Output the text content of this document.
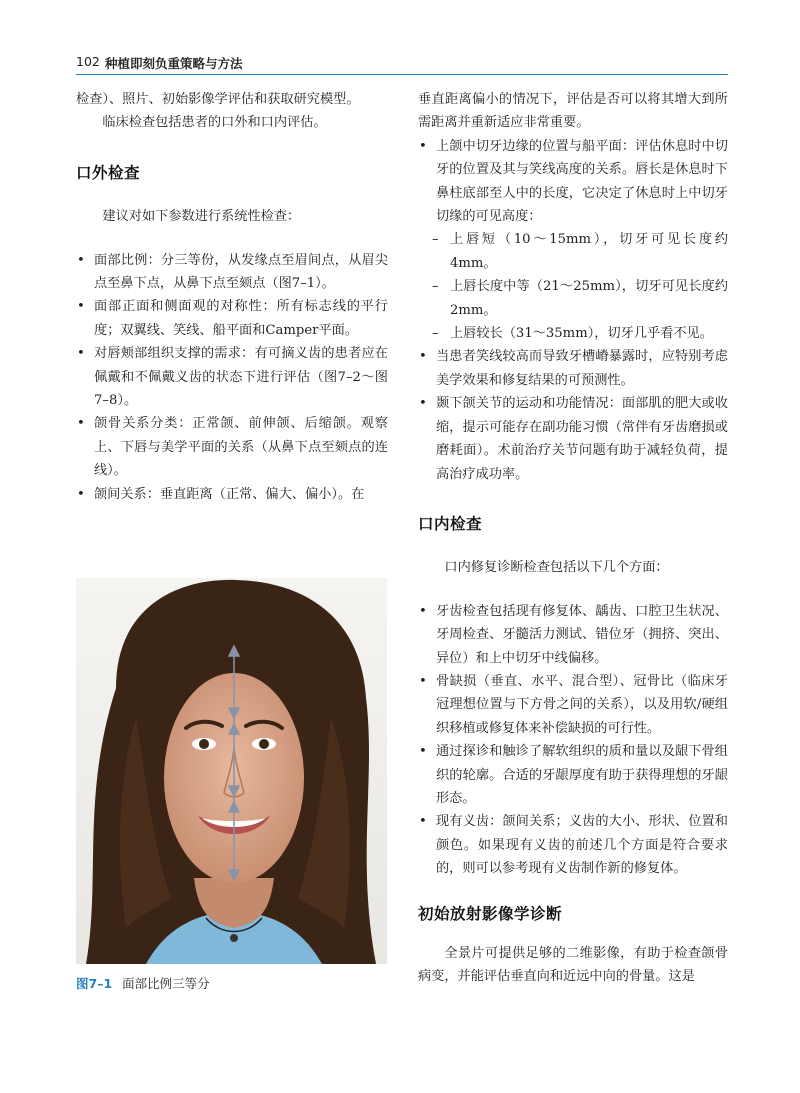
102 种植即刻负重策略与方法

检查）、照片、初始影像学评估和获取研究模型。

临床检查包括患者的口外和口内评估。

口外检查

建议对如下参数进行系统性检查：

• 面部比例：分三等份，从发缘点至眉间点，从眉尖点至鼻下点，从鼻下点至颏点（图7–1）。
• 面部正面和侧面观的对称性：所有标志线的平行度；双翼线、笑线、船平面和Camper平面。
• 对唇颊部组织支撑的需求：有可摘义齿的患者应在佩戴和不佩戴义齿的状态下进行评估（图7–2～图7–8）。
• 颌骨关系分类：正常颌、前伸颌、后缩颌。观察上、下唇与美学平面的关系（从鼻下点至颏点的连线）。
• 颌间关系：垂直距离（正常、偏大、偏小）。在
图7–1 面部比例三等分

垂直距离偏小的情况下，评估是否可以将其增大到所需距离并重新适应非常重要。

• 上颌中切牙边缘的位置与船平面：评估休息时中切牙的位置及其与笑线高度的关系。唇长是休息时下鼻柱底部至人中的长度，它决定了休息时上中切牙切缘的可见高度：
– 上唇短（10～15mm），切牙可见长度约4mm。
– 上唇长度中等（21～25mm），切牙可见长度约2mm。
– 上唇较长（31～35mm），切牙几乎看不见。
• 当患者笑线较高而导致牙槽嵴暴露时，应特别考虑美学效果和修复结果的可预测性。
• 颞下颌关节的运动和功能情况：面部肌的肥大或收缩，提示可能存在副功能习惯（常伴有牙齿磨损或磨耗面）。术前治疗关节问题有助于减轻负荷，提高治疗成功率。
口内检查

口内修复诊断检查包括以下几个方面：

• 牙齿检查包括现有修复体、龋齿、口腔卫生状况、牙周检查、牙髓活力测试、错位牙（拥挤、突出、异位）和上中切牙中线偏移。
• 骨缺损（垂直、水平、混合型）、冠骨比（临床牙冠理想位置与下方骨之间的关系），以及用软/硬组织移植或修复体来补偿缺损的可行性。
• 通过探诊和触诊了解软组织的质和量以及龈下骨组织的轮廓。合适的牙龈厚度有助于获得理想的牙龈形态。
• 现有义齿：颌间关系；义齿的大小、形状、位置和颜色。如果现有义齿的前述几个方面是符合要求的，则可以参考现有义齿制作新的修复体。
初始放射影像学诊断

全景片可提供足够的二维影像，有助于检查颌骨病变，并能评估垂直向和近远中向的骨量。这是
